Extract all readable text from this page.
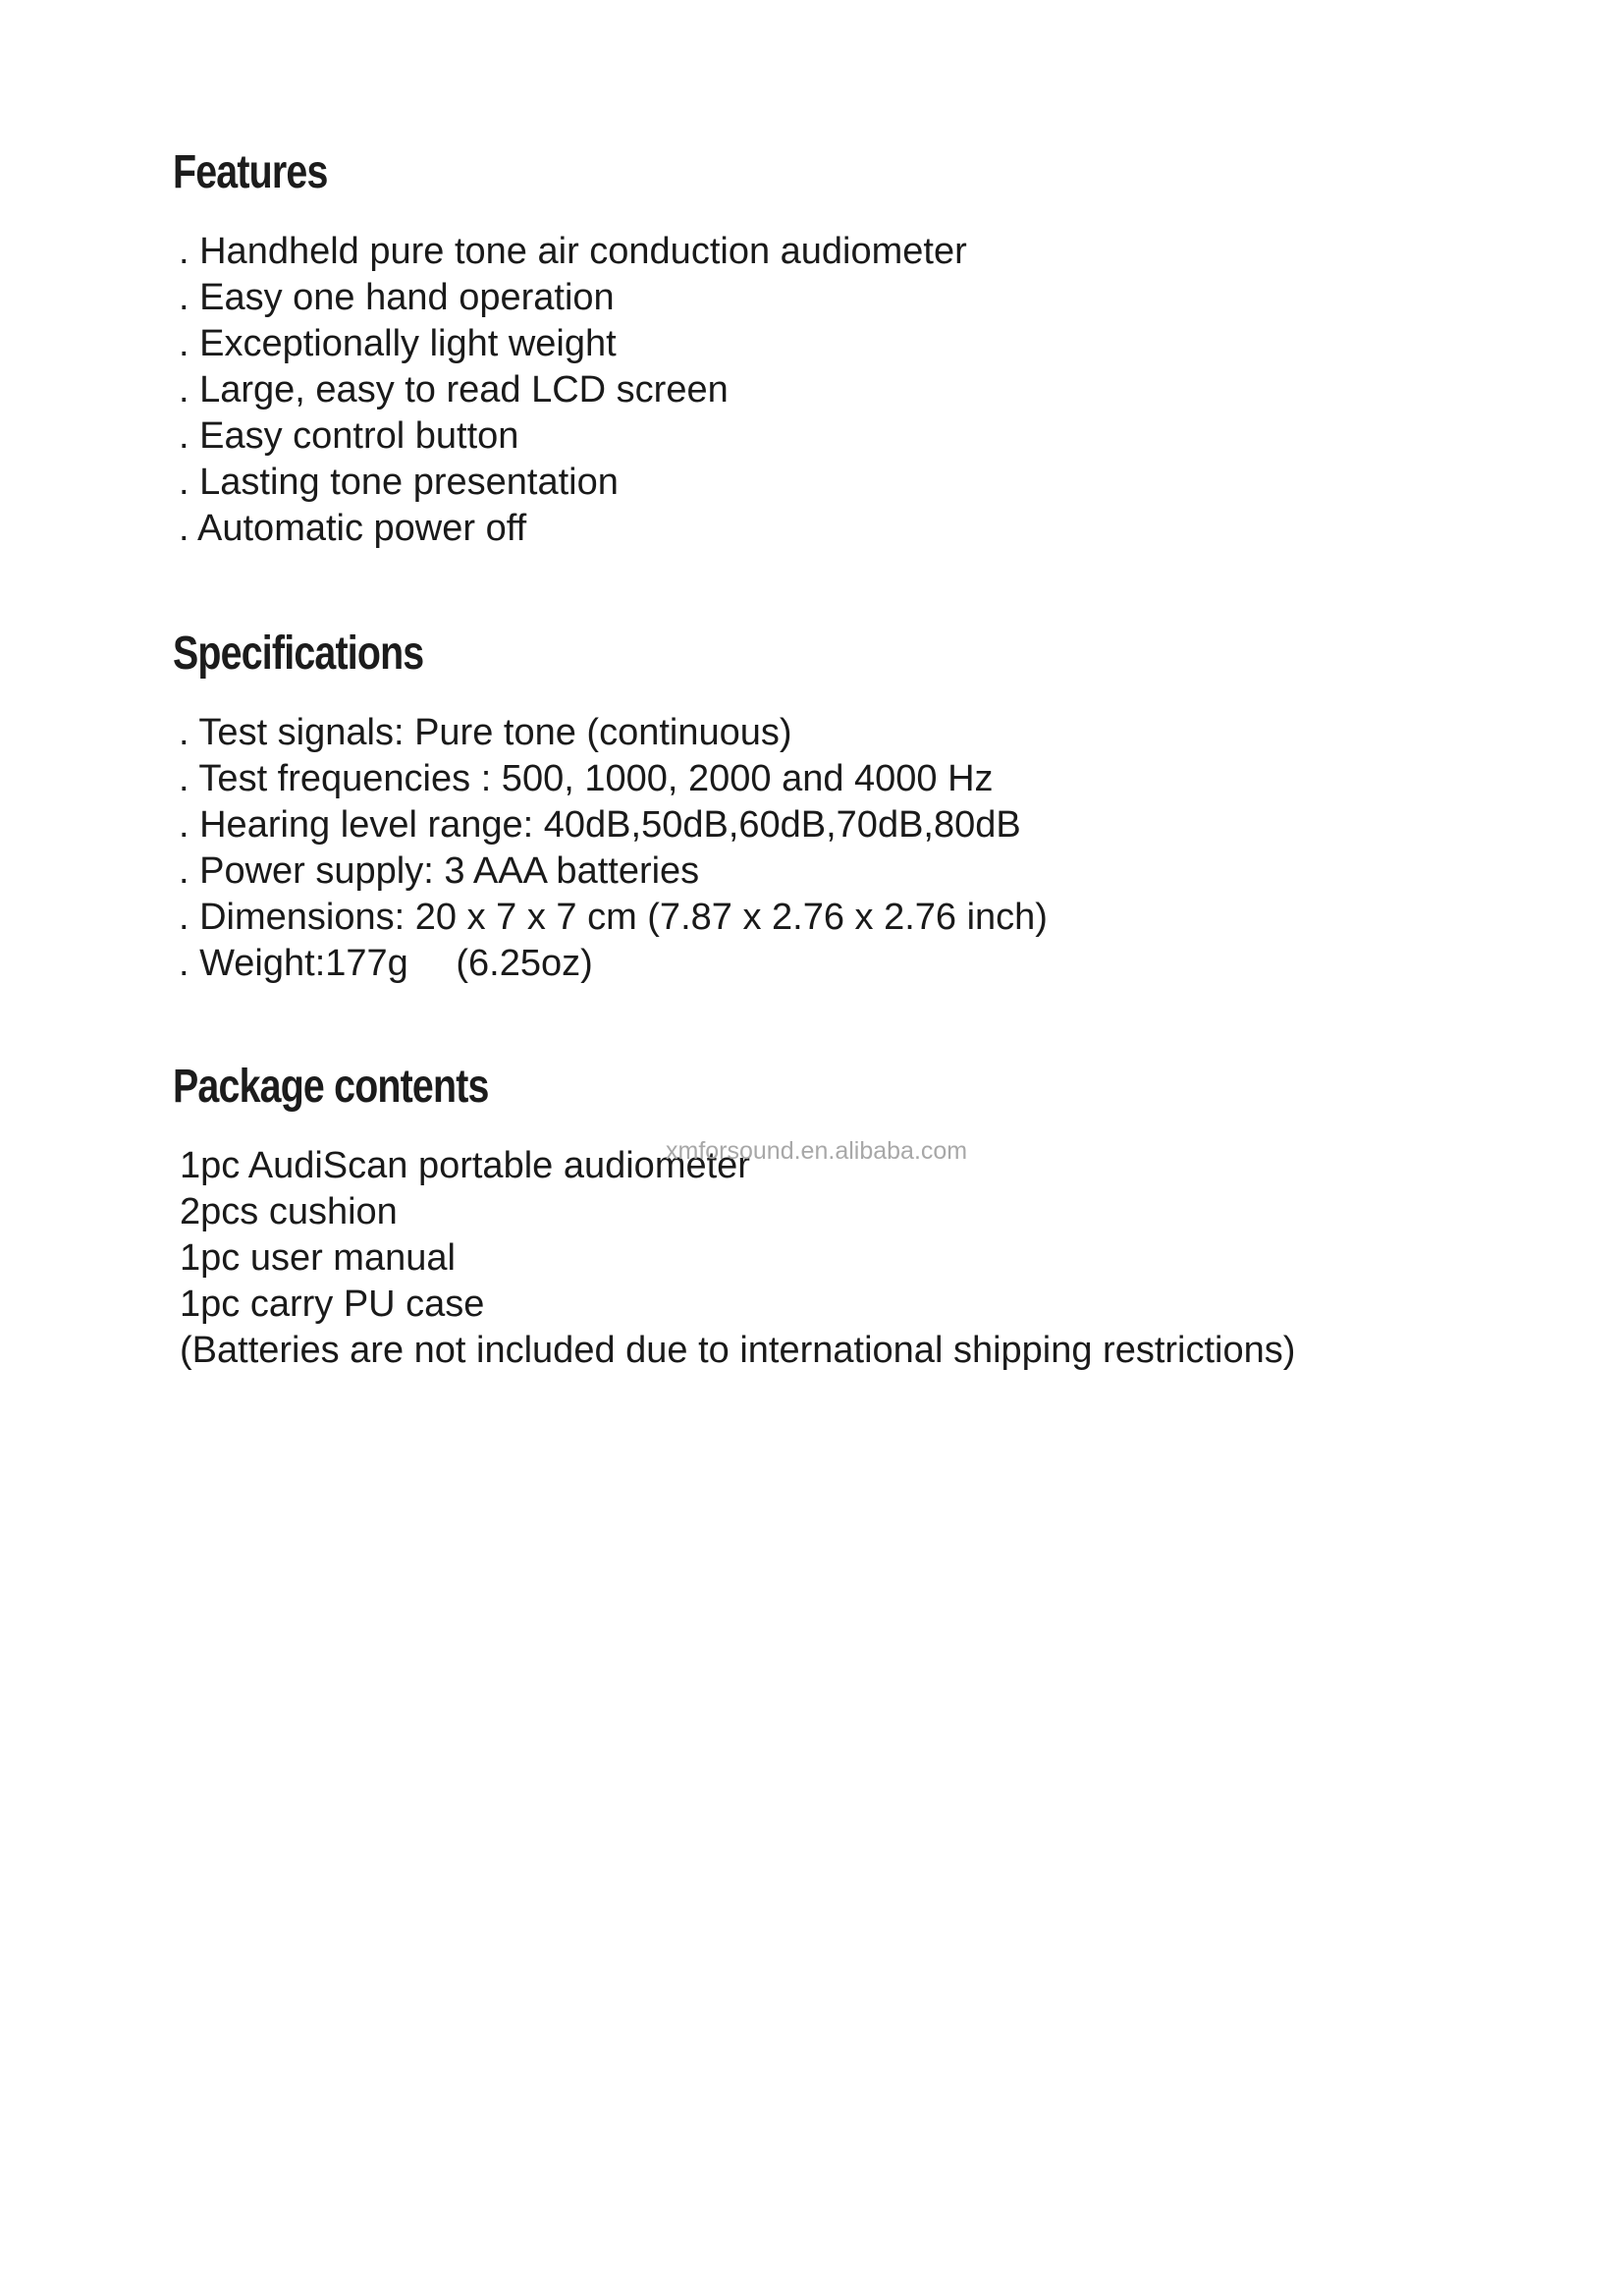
Features
. Handheld pure tone air conduction audiometer
. Easy one hand operation
. Exceptionally light weight
. Large, easy to read LCD screen
. Easy control button
. Lasting tone presentation
. Automatic power off
Specifications
. Test signals: Pure tone (continuous)
. Test frequencies : 500, 1000, 2000 and 4000 Hz
. Hearing level range: 40dB,50dB,60dB,70dB,80dB
. Power supply: 3 AAA batteries
. Dimensions: 20 x 7 x 7 cm (7.87 x 2.76 x 2.76 inch)
. Weight:177g 　(6.25oz)
Package contents
1pc AudiScan portable audiometer
2pcs cushion
1pc user manual
1pc carry PU case
(Batteries are not included due to international shipping restrictions)
xmforsound.en.alibaba.com
